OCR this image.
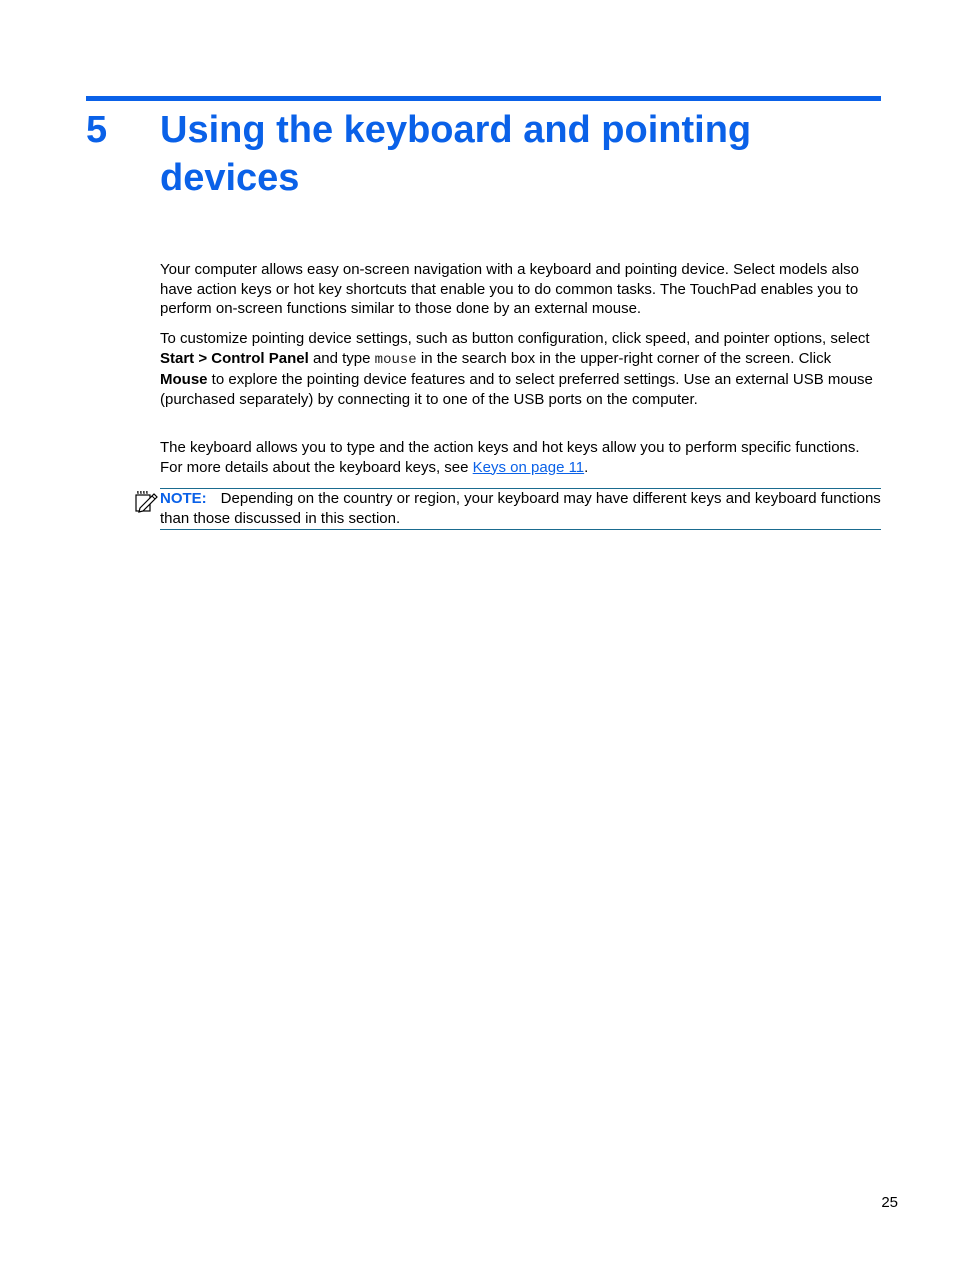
5 Using the keyboard and pointing devices

Your computer allows easy on-screen navigation with a keyboard and pointing device. Select models also have action keys or hot key shortcuts that enable you to do common tasks. The TouchPad enables you to perform on-screen functions similar to those done by an external mouse.

To customize pointing device settings, such as button configuration, click speed, and pointer options, select Start > Control Panel and type mouse in the search box in the upper-right corner of the screen. Click Mouse to explore the pointing device features and to select preferred settings. Use an external USB mouse (purchased separately) by connecting it to one of the USB ports on the computer.

The keyboard allows you to type and the action keys and hot keys allow you to perform specific functions. For more details about the keyboard keys, see Keys on page 11.

NOTE: Depending on the country or region, your keyboard may have different keys and keyboard functions than those discussed in this section.
25
